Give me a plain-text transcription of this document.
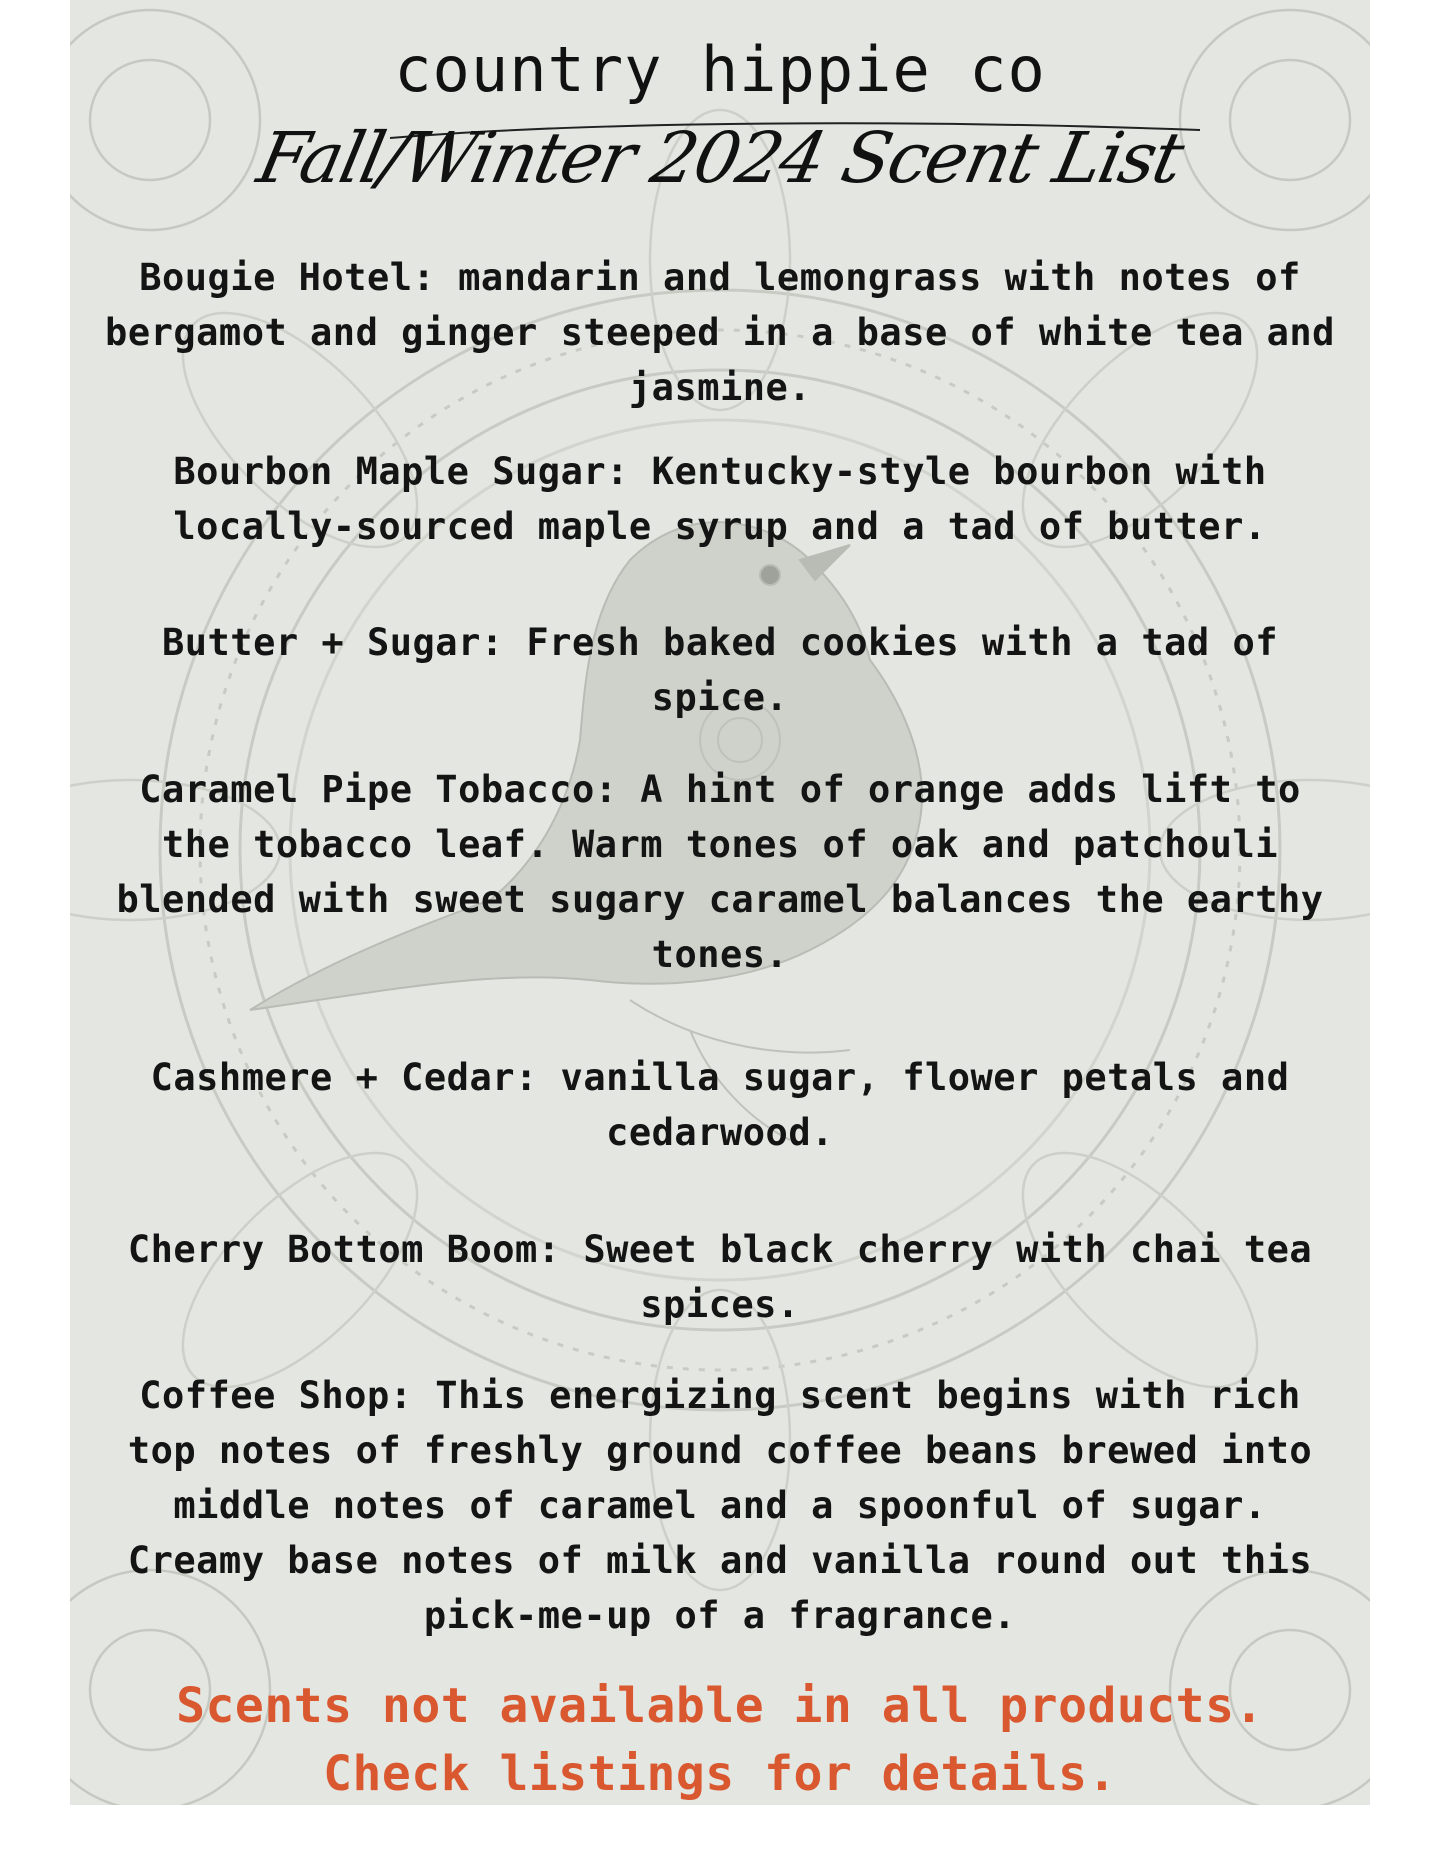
country hippie co
Fall/Winter 2024 Scent List
Bougie Hotel: mandarin and lemongrass with notes of bergamot and ginger steeped in a base of white tea and jasmine.
Bourbon Maple Sugar: Kentucky-style bourbon with locally-sourced maple syrup and a tad of butter.
Butter + Sugar: Fresh baked cookies with a tad of spice.
Caramel Pipe Tobacco: A hint of orange adds lift to the tobacco leaf. Warm tones of oak and patchouli blended with sweet sugary caramel balances the earthy tones.
Cashmere + Cedar: vanilla sugar, flower petals and cedarwood.
Cherry Bottom Boom: Sweet black cherry with chai tea spices.
Coffee Shop: This energizing scent begins with rich top notes of freshly ground coffee beans brewed into middle notes of caramel and a spoonful of sugar. Creamy base notes of milk and vanilla round out this pick-me-up of a fragrance.
Scents not available in all products.
Check listings for details.
